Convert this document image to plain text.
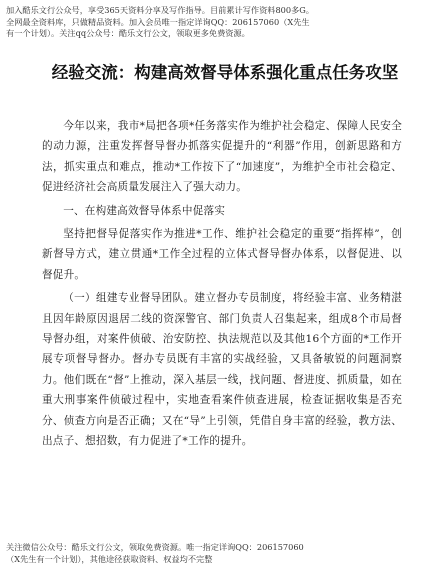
加入酷乐文行公众号，享受365天资料分享及写作指导。目前累计写作资料800多G。
全网最全资料库，只做精品资料。加入会员唯一指定详询QQ：206157060（X先生
有一个计划）。关注qq公众号：酷乐文行公文，领取更多免费资源。
经验交流：构建高效督导体系强化重点任务攻坚

今年以来，我市*局把各项*任务落实作为维护社会稳定、保障人民安全的动力源，注重发挥督导督办抓落实促提升的“利器”作用，创新思路和方法，抓实重点和难点，推动*工作按下了“加速度”，为维护全市社会稳定、促进经济社会高质量发展注入了强大动力。

一、在构建高效督导体系中促落实

坚持把督导促落实作为推进*工作、维护社会稳定的重要“指挥棒”，创新督导方式，建立贯通*工作全过程的立体式督导督办体系，以督促进、以督促升。

（一）组建专业督导团队。建立督办专员制度，将经验丰富、业务精湛且因年龄原因退居二线的资深警官、部门负责人召集起来，组成8个市局督导督办组，对案件侦破、治安防控、执法规范以及其他16个方面的*工作开展专项督导督办。督办专员既有丰富的实战经验，又具备敏锐的问题洞察力。他们既在“督”上推动，深入基层一线，找问题、督进度、抓质量，如在重大刑事案件侦破过程中，实地查看案件侦查进展，检查证据收集是否充分、侦查方向是否正确；又在“导”上引领，凭借自身丰富的经验，教方法、出点子、想招数，有力促进了*工作的提升。

关注微信公众号：酷乐文行公文，领取免费资源。唯一指定详询QQ：206157060
（X先生有一个计划），其他途径获取资料、权益均不完整
